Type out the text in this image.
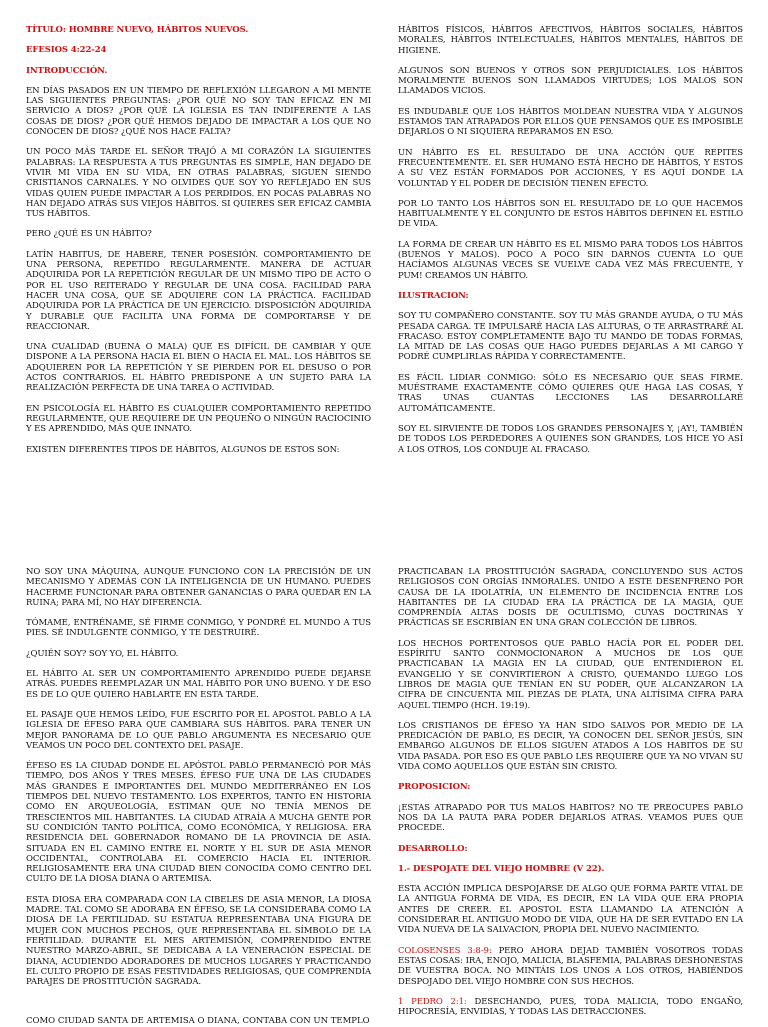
TÍTULO: HOMBRE NUEVO, HÁBITOS NUEVOS.
EFESIOS 4:22-24
INTRODUCCIÓN.

EN DÍAS PASADOS EN UN TIEMPO DE REFLEXIÓN LLEGARON A MI MENTE LAS SIGUIENTES PREGUNTAS: ¿POR QUÉ NO SOY TAN EFICAZ EN MI SERVICIO A DIOS? ¿POR QUÉ LA IGLESIA ES TAN INDIFERENTE A LAS COSAS DE DIOS? ¿POR QUÉ HEMOS DEJADO DE IMPACTAR A LOS QUE NO CONOCEN DE DIOS? ¿QUÉ NOS HACE FALTA?

UN POCO MÁS TARDE EL SEÑOR TRAJÓ A MI CORAZÓN LA SIGUIENTES PALABRAS: LA RESPUESTA A TUS PREGUNTAS ES SIMPLE, HAN DEJADO DE VIVIR MI VIDA EN SU VIDA, EN OTRAS PALABRAS, SIGUEN SIENDO CRISTIANOS CARNALES. Y NO OLVIDES QUE SOY YO REFLEJADO EN SUS VIDAS QUIEN PUEDE IMPACTAR A LOS PERDIDOS. EN POCAS PALABRAS NO HAN DEJADO ATRÁS SUS VIEJOS HÁBITOS. SI QUIERES SER EFICAZ CAMBIA TUS HÁBITOS.

PERO ¿QUÉ ES UN HÁBITO?

LATÍN HABITUS, DE HABERE, TENER POSESIÓN. COMPORTAMIENTO DE UNA PERSONA, REPETIDO REGULARMENTE. MANERA DE ACTUAR ADQUIRIDA POR LA REPETICIÓN REGULAR DE UN MISMO TIPO DE ACTO O POR EL USO REITERADO Y REGULAR DE UNA COSA. FACILIDAD PARA HACER UNA COSA, QUE SE ADQUIERE CON LA PRÁCTICA. FACILIDAD ADQUIRIDA POR LA PRÁCTICA DE UN EJERCICIO. DISPOSICIÓN ADQUIRIDA Y DURABLE QUE FACILITA UNA FORMA DE COMPORTARSE Y DE REACCIONAR.

UNA CUALIDAD (BUENA O MALA) QUE ES DIFÍCIL DE CAMBIAR Y QUE DISPONE A LA PERSONA HACIA EL BIEN O HACIA EL MAL. LOS HÁBITOS SE ADQUIEREN POR LA REPETICIÓN Y SE PIERDEN POR EL DESUSO O POR ACTOS CONTRARIOS. EL HÁBITO PREDISPONE A UN SUJETO PARA LA REALIZACIÓN PERFECTA DE UNA TAREA O ACTIVIDAD.

EN PSICOLOGÍA EL HÁBITO ES CUALQUIER COMPORTAMIENTO REPETIDO REGULARMENTE, QUE REQUIERE DE UN PEQUEÑO O NINGÚN RACIOCINIO Y ES APRENDIDO, MÁS QUE INNATO.

EXISTEN DIFERENTES TIPOS DE HÁBITOS, ALGUNOS DE ESTOS SON:

HÁBITOS FÍSICOS, HÁBITOS AFECTIVOS, HÁBITOS SOCIALES, HÁBITOS MORALES, HÁBITOS INTELECTUALES, HÁBITOS MENTALES, HÁBITOS DE HIGIENE.

ALGUNOS SON BUENOS Y OTROS SON PERJUDICIALES. LOS HÁBITOS MORALMENTE BUENOS SON LLAMADOS VIRTUDES; LOS MALOS SON LLAMADOS VICIOS.

ES INDUDABLE QUE LOS HÁBITOS MOLDEAN NUESTRA VIDA Y ALGUNOS ESTAMOS TAN ATRAPADOS POR ELLOS QUE PENSAMOS QUE ES IMPOSIBLE DEJARLOS O NI SIQUIERA REPARAMOS EN ESO.

UN HÁBITO ES EL RESULTADO DE UNA ACCIÓN QUE REPITES FRECUENTEMENTE. EL SER HUMANO ESTÁ HECHO DE HÁBITOS, Y ESTOS A SU VEZ ESTÁN FORMADOS POR ACCIONES, Y ES AQUÍ DONDE LA VOLUNTAD Y EL PODER DE DECISIÓN TIENEN EFECTO.

POR LO TANTO LOS HÁBITOS SON EL RESULTADO DE LO QUE HACEMOS HABITUALMENTE Y EL CONJUNTO DE ESTOS HÁBITOS DEFINEN EL ESTILO DE VIDA.

LA FORMA DE CREAR UN HÁBITO ES EL MISMO PARA TODOS LOS HÁBITOS (BUENOS Y MALOS). POCO A POCO SIN DARNOS CUENTA LO QUE HACÍAMOS ALGUNAS VECES SE VUELVE CADA VEZ MÁS FRECUENTE, Y PUM! CREAMOS UN HÁBITO.

ILUSTRACION:

SOY TU COMPAÑERO CONSTANTE. SOY TU MÁS GRANDE AYUDA, O TU MÁS PESADA CARGA. TE IMPULSARÉ HACIA LAS ALTURAS, O TE ARRASTRARÉ AL FRACASO. ESTOY COMPLETAMENTE BAJO TU MANDO DE TODAS FORMAS, LA MITAD DE LAS COSAS QUE HAGO PUEDES DEJARLAS A MI CARGO Y PODRÉ CUMPLIRLAS RÁPIDA Y CORRECTAMENTE.

ES FÁCIL LIDIAR CONMIGO: SÓLO ES NECESARIO QUE SEAS FIRME. MUÉSTRAME EXACTAMENTE CÓMO QUIERES QUE HAGA LAS COSAS, Y TRAS UNAS CUANTAS LECCIONES LAS DESARROLLARÉ AUTOMÁTICAMENTE.

SOY EL SIRVIENTE DE TODOS LOS GRANDES PERSONAJES Y, ¡AY!, TAMBIÉN DE TODOS LOS PERDEDORES A QUIENES SON GRANDES, LOS HICE YO ASÍ A LOS OTROS, LOS CONDUJE AL FRACASO.

NO SOY UNA MÁQUINA, AUNQUE FUNCIONO CON LA PRECISIÓN DE UN MECANISMO Y ADEMÁS CON LA INTELIGENCIA DE UN HUMANO. PUEDES HACERME FUNCIONAR PARA OBTENER GANANCIAS O PARA QUEDAR EN LA RUINA; PARA MÍ, NO HAY DIFERENCIA.

TÓMAME, ENTRÉNAME, SÉ FIRME CONMIGO, Y PONDRÉ EL MUNDO A TUS PIES. SÉ INDULGENTE CONMIGO, Y TE DESTRUIRÉ.

¿QUIÉN SOY? SOY YO, EL HÁBITO.

EL HÁBITO AL SER UN COMPORTAMIENTO APRENDIDO PUEDE DEJARSE ATRÁS. PUEDES REEMPLAZAR UN MAL HÁBITO POR UNO BUENO. Y DE ESO ES DE LO QUE QUIERO HABLARTE EN ESTA TARDE.

EL PASAJE QUE HEMOS LEÍDO, FUE ESCRITO POR EL APOSTOL PABLO A LA IGLESIA DE ÉFESO PARA QUE CAMBIARA SUS HÁBITOS. PARA TENER UN MEJOR PANORAMA DE LO QUE PABLO ARGUMENTA ES NECESARIO QUE VEAMOS UN POCO DEL CONTEXTO DEL PASAJE.

ÉFESO ES LA CIUDAD DONDE EL APÓSTOL PABLO PERMANECIÓ POR MÁS TIEMPO, DOS AÑOS Y TRES MESES. ÉFESO FUE UNA DE LAS CIUDADES MÁS GRANDES E IMPORTANTES DEL MUNDO MEDITERRÁNEO EN LOS TIEMPOS DEL NUEVO TESTAMENTO. LOS EXPERTOS, TANTO EN HISTORIA COMO EN ARQUEOLOGÍA, ESTIMAN QUE NO TENÍA MENOS DE TRESCIENTOS MIL HABITANTES. LA CIUDAD ATRAÍA A MUCHA GENTE POR SU CONDICIÓN TANTO POLÍTICA, COMO ECONÓMICA, Y RELIGIOSA. ERA RESIDENCIA DEL GOBERNADOR ROMANO DE LA PROVINCIA DE ASIA. SITUADA EN EL CAMINO ENTRE EL NORTE Y EL SUR DE ASIA MENOR OCCIDENTAL, CONTROLABA EL COMERCIO HACIA EL INTERIOR. RELIGIOSAMENTE ERA UNA CIUDAD BIEN CONOCIDA COMO CENTRO DEL CULTO DE LA DIOSA DIANA O ARTEMISA.

ESTA DIOSA ERA COMPARADA CON LA CIBELES DE ASIA MENOR, LA DIOSA MADRE. TAL COMO SE ADORABA EN ÉFESO, SE LA CONSIDERABA COMO LA DIOSA DE LA FERTILIDAD. SU ESTATUA REPRESENTABA UNA FIGURA DE MUJER CON MUCHOS PECHOS, QUE REPRESENTABA EL SÍMBOLO DE LA FERTILIDAD. DURANTE EL MES ARTEMISIÓN, COMPRENDIDO ENTRE NUESTRO MARZO-ABRIL, SE DEDICABA A LA VENERACIÓN ESPECIAL DE DIANA, ACUDIENDO ADORADORES DE MUCHOS LUGARES Y PRACTICANDO EL CULTO PROPIO DE ESAS FESTIVIDADES RELIGIOSAS, QUE COMPRENDÍA PARAJES DE PROSTITUCIÓN SAGRADA.

COMO CIUDAD SANTA DE ARTEMISA O DIANA, CONTABA CON UN TEMPLO

PRACTICABAN LA PROSTITUCIÓN SAGRADA, CONCLUYENDO SUS ACTOS RELIGIOSOS CON ORGÍAS INMORALES. UNIDO A ESTE DESENFRENO POR CAUSA DE LA IDOLATRÍA, UN ELEMENTO DE INCIDENCIA ENTRE LOS HABITANTES DE LA CIUDAD ERA LA PRÁCTICA DE LA MAGIA, QUE COMPRENDÍA ALTAS DOSIS DE OCULTISMO, CUYAS DOCTRINAS Y PRÁCTICAS SE ESCRIBÍAN EN UNA GRAN COLECCIÓN DE LIBROS.

LOS HECHOS PORTENTOSOS QUE PABLO HACÍA POR EL PODER DEL ESPÍRITU SANTO CONMOCIONARON A MUCHOS DE LOS QUE PRACTICABAN LA MAGIA EN LA CIUDAD, QUE ENTENDIERON EL EVANGELIO Y SE CONVIRTIERON A CRISTO, QUEMANDO LUEGO LOS LIBROS DE MAGIA QUE TENÍAN EN SU PODER, QUE ALCANZARON LA CIFRA DE CINCUENTA MIL PIEZAS DE PLATA, UNA ALTÍSIMA CIFRA PARA AQUEL TIEMPO (HCH. 19:19).

LOS CRISTIANOS DE ÉFESO YA HAN SIDO SALVOS POR MEDIO DE LA PREDICACIÓN DE PABLO, ES DECIR, YA CONOCEN DEL SEÑOR JESÚS, SIN EMBARGO ALGUNOS DE ELLOS SIGUEN ATADOS A LOS HABITOS DE SU VIDA PASADA. POR ESO ES QUE PABLO LES REQUIERE QUE YA NO VIVAN SU VIDA COMO AQUELLOS QUE ESTÁN SIN CRISTO.

PROPOSICION:

¡ESTAS ATRAPADO POR TUS MALOS HABITOS? NO TE PREOCUPES PABLO NOS DA LA PAUTA PARA PODER DEJARLOS ATRAS. VEAMOS PUES QUE PROCEDE.

DESARROLLO:
1.- DESPOJATE DEL VIEJO HOMBRE (V 22).

ESTA ACCIÓN IMPLICA DESPOJARSE DE ALGO QUE FORMA PARTE VITAL DE LA ANTIGUA FORMA DE VIDA, ES DECIR, EN LA VIDA QUE ERA PROPIA ANTES DE CREER. EL APOSTOL ESTA LLAMANDO LA ATENCIÓN A CONSIDERAR EL ANTIGUO MODO DE VIDA, QUE HA DE SER EVITADO EN LA VIDA NUEVA DE LA SALVACION, PROPIA DEL NUEVO NACIMIENTO.

COLOSENSES 3:8-9: PERO AHORA DEJAD TAMBIÉN VOSOTROS TODAS ESTAS COSAS: IRA, ENOJO, MALICIA, BLASFEMIA, PALABRAS DESHONESTAS DE VUESTRA BOCA. NO MINTÁIS LOS UNOS A LOS OTROS, HABIÉNDOS DESPOJADO DEL VIEJO HOMBRE CON SUS HECHOS.

1 PEDRO 2:1: DESECHANDO, PUES, TODA MALICIA, TODO ENGAÑO, HIPOCRESÍA, ENVIDIAS, Y TODAS LAS DETRACCIONES.
